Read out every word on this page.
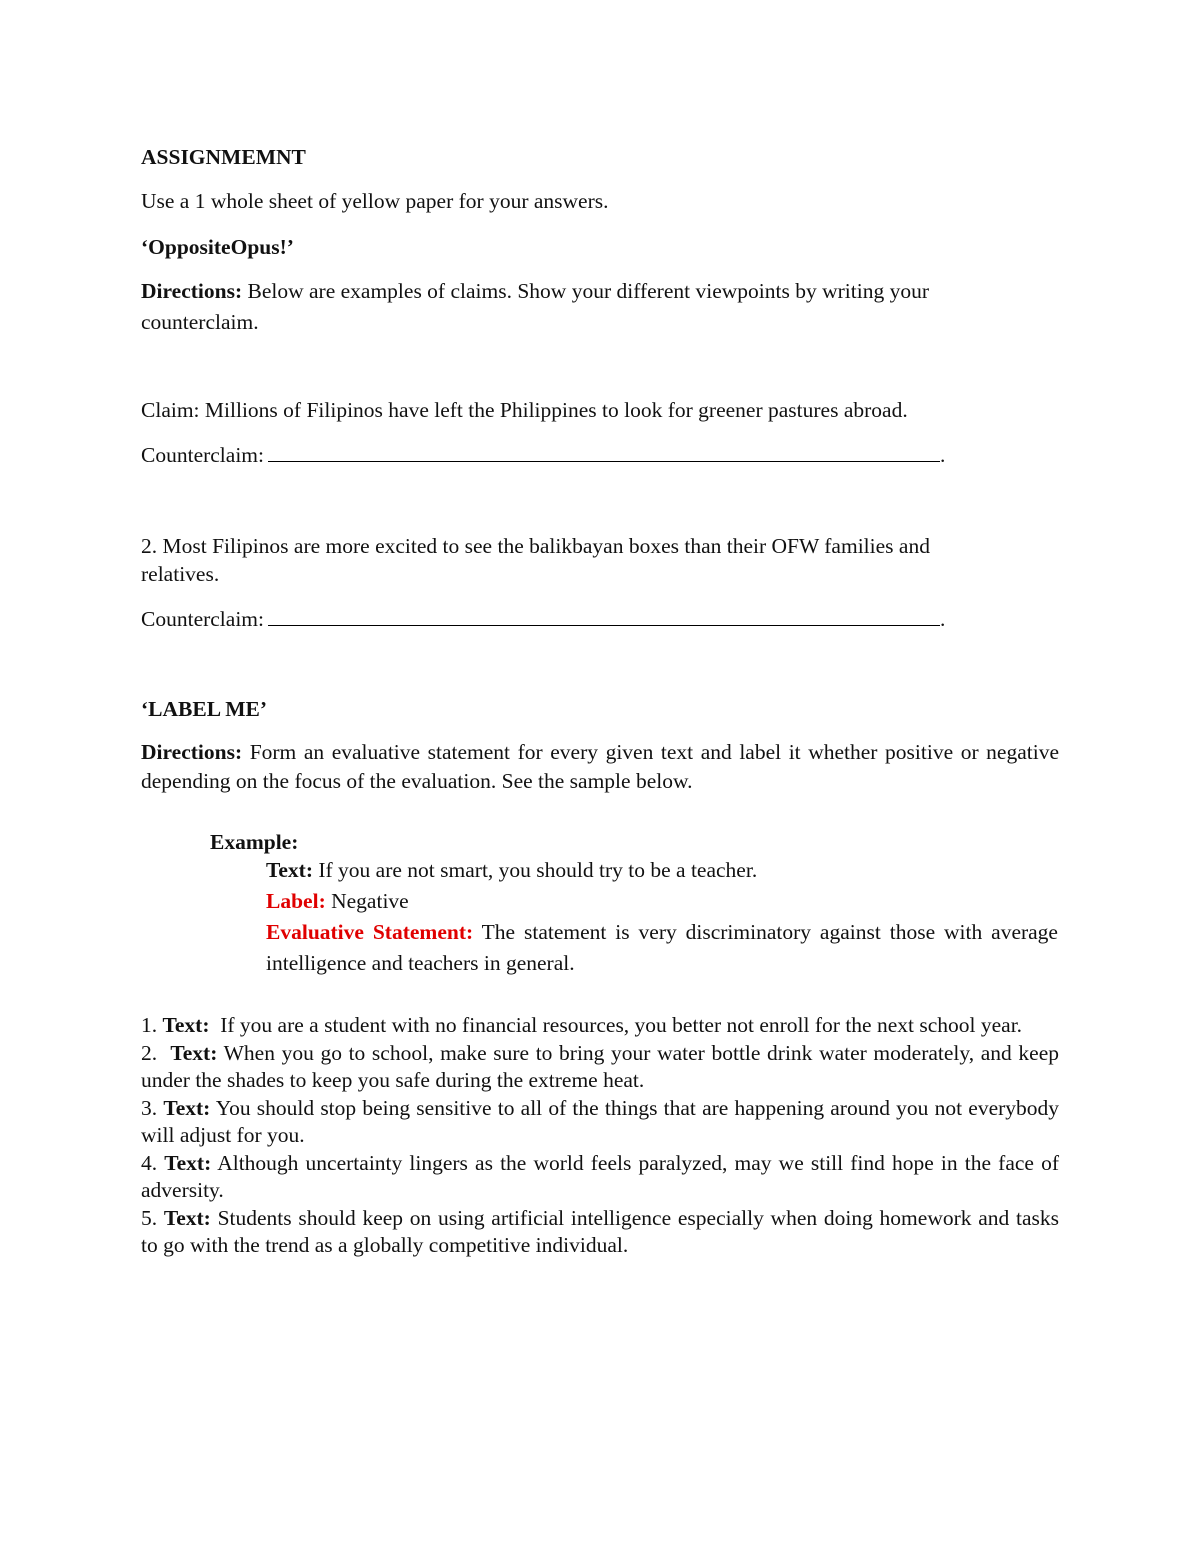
ASSIGNMEMNT
Use a 1 whole sheet of yellow paper for your answers.
‘OppositeOpus!’
Directions: Below are examples of claims. Show your different viewpoints by writing your
counterclaim.
Claim: Millions of Filipinos have left the Philippines to look for greener pastures abroad.
Counterclaim:	.
2. Most Filipinos are more excited to see the balikbayan boxes than their OFW families and
relatives.
Counterclaim:	.
‘LABEL ME’
Directions: Form an evaluative statement for every given text and label it whether positive or negative depending on the focus of the evaluation. See the sample below.
Example:
Text: If you are not smart, you should try to be a teacher.
Label: Negative
Evaluative Statement: The statement is very discriminatory against those with average intelligence and teachers in general.
1. Text: If you are a student with no financial resources, you better not enroll for the next school year.
2. Text: When you go to school, make sure to bring your water bottle drink water moderately, and keep under the shades to keep you safe during the extreme heat.
3. Text: You should stop being sensitive to all of the things that are happening around you not everybody will adjust for you.
4. Text: Although uncertainty lingers as the world feels paralyzed, may we still find hope in the face of adversity.
5. Text: Students should keep on using artificial intelligence especially when doing homework and tasks to go with the trend as a globally competitive individual.
